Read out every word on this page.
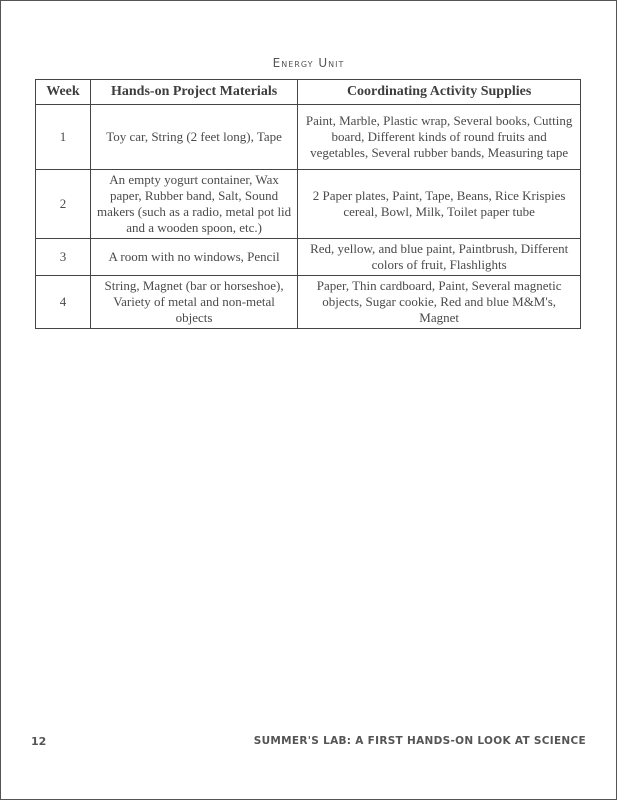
Energy Unit
Week	Hands-on Project Materials	Coordinating Activity Supplies
1	Toy car, String (2 feet long), Tape	Paint, Marble, Plastic wrap, Several books, Cutting board, Different kinds of round fruits and vegetables, Several rubber bands, Measuring tape
2	An empty yogurt container, Wax paper, Rubber band, Salt, Sound makers (such as a radio, metal pot lid and a wooden spoon, etc.)	2 Paper plates, Paint, Tape, Beans, Rice Krispies cereal, Bowl, Milk, Toilet paper tube
3	A room with no windows, Pencil	Red, yellow, and blue paint, Paintbrush, Different colors of fruit, Flashlights
4	String, Magnet (bar or horseshoe), Variety of metal and non-metal objects	Paper, Thin cardboard, Paint, Several magnetic objects, Sugar cookie, Red and blue M&M's, Magnet
12	SUMMER'S LAB: A FIRST HANDS-ON LOOK AT SCIENCE
